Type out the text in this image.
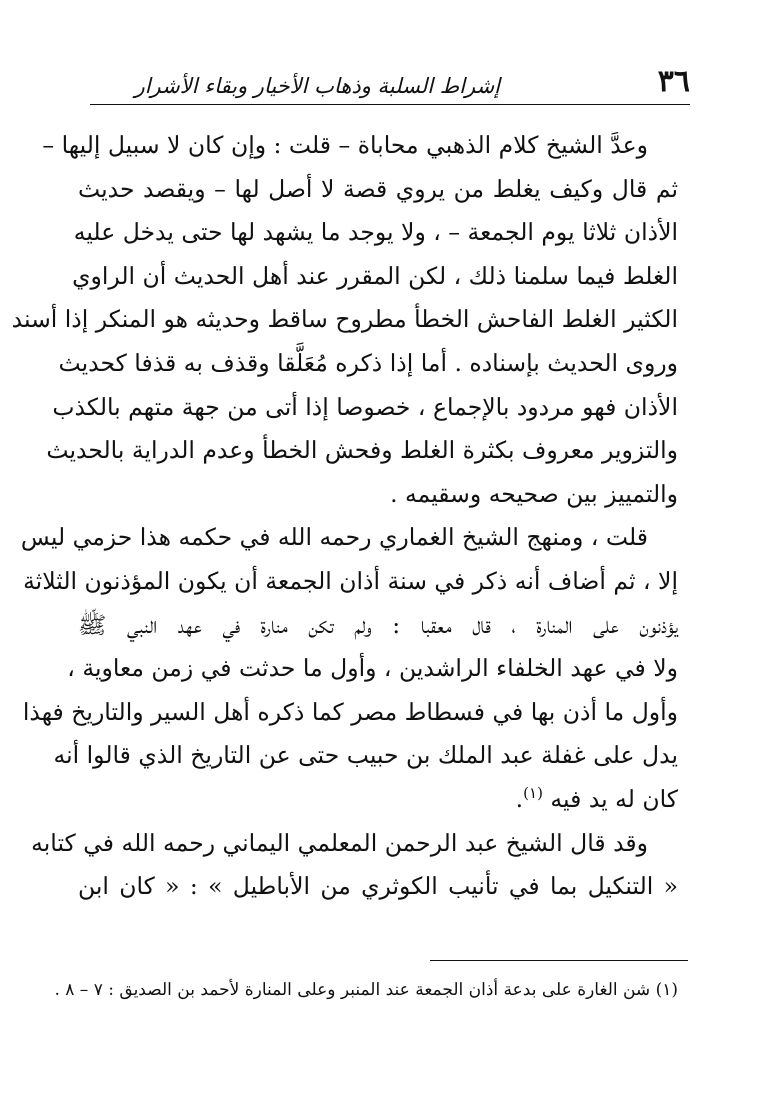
٣٦
إشراط السلبة وذهاب الأخيار وبقاء الأشرار

وعدَّ الشيخ كلام الذهبي محاباة – قلت : وإن كان لا سبيل إليها –
ثم قال وكيف يغلط من يروي قصة لا أصل لها – ويقصد حديث
الأذان ثلاثا يوم الجمعة – ، ولا يوجد ما يشهد لها حتى يدخل عليه
الغلط فيما سلمنا ذلك ، لكن المقرر عند أهل الحديث أن الراوي
الكثير الغلط الفاحش الخطأ مطروح ساقط وحديثه هو المنكر إذا أسند
وروى الحديث بإسناده . أما إذا ذكره مُعَلَّقا وقذف به قذفا كحديث
الأذان فهو مردود بالإجماع ، خصوصا إذا أتى من جهة متهم بالكذب
والتزوير معروف بكثرة الغلط وفحش الخطأ وعدم الدراية بالحديث
والتمييز بين صحيحه وسقيمه .

قلت ، ومنهج الشيخ الغماري رحمه الله في حكمه هذا حزمي ليس
إلا ، ثم أضاف أنه ذكر في سنة أذان الجمعة أن يكون المؤذنون الثلاثة
يؤذنون على المنارة ، قال معقبا : ولم تكن منارة في عهد النبي ﷺ
ولا في عهد الخلفاء الراشدين ، وأول ما حدثت في زمن معاوية ،
وأول ما أذن بها في فسطاط مصر كما ذكره أهل السير والتاريخ فهذا
يدل على غفلة عبد الملك بن حبيب حتى عن التاريخ الذي قالوا أنه
كان له يد فيه $^{(١)}$.

وقد قال الشيخ عبد الرحمن المعلمي اليماني رحمه الله في كتابه
« التنكيل بما في تأنيب الكوثري من الأباطيل » : « كان ابن

(١) شن الغارة على بدعة أذان الجمعة عند المنبر وعلى المنارة لأحمد بن الصديق : ٧ – ٨ .
